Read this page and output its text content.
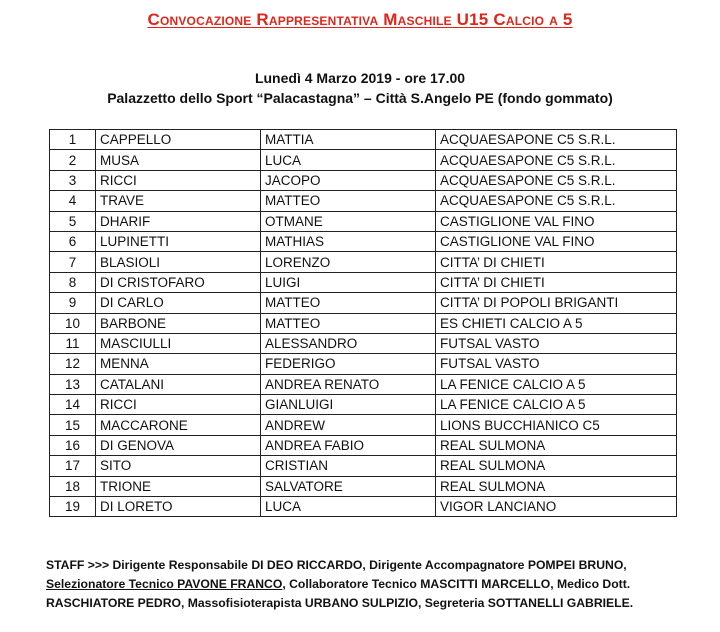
Convocazione Rappresentativa Maschile U15 Calcio a 5
Lunedì 4 Marzo 2019 - ore 17.00
Palazzetto dello Sport “Palacastagna” – Città S.Angelo PE (fondo gommato)
1	CAPPELLO	MATTIA	ACQUAESAPONE C5 S.R.L.
2	MUSA	LUCA	ACQUAESAPONE C5 S.R.L.
3	RICCI	JACOPO	ACQUAESAPONE C5 S.R.L.
4	TRAVE	MATTEO	ACQUAESAPONE C5 S.R.L.
5	DHARIF	OTMANE	CASTIGLIONE VAL FINO
6	LUPINETTI	MATHIAS	CASTIGLIONE VAL FINO
7	BLASIOLI	LORENZO	CITTA’ DI CHIETI
8	DI CRISTOFARO	LUIGI	CITTA’ DI CHIETI
9	DI CARLO	MATTEO	CITTA’ DI POPOLI BRIGANTI
10	BARBONE	MATTEO	ES CHIETI CALCIO A 5
11	MASCIULLI	ALESSANDRO	FUTSAL VASTO
12	MENNA	FEDERIGO	FUTSAL VASTO
13	CATALANI	ANDREA RENATO	LA FENICE CALCIO A 5
14	RICCI	GIANLUIGI	LA FENICE CALCIO A 5
15	MACCARONE	ANDREW	LIONS BUCCHIANICO C5
16	DI GENOVA	ANDREA FABIO	REAL SULMONA
17	SITO	CRISTIAN	REAL SULMONA
18	TRIONE	SALVATORE	REAL SULMONA
19	DI LORETO	LUCA	VIGOR LANCIANO
STAFF >>> Dirigente Responsabile DI DEO RICCARDO, Dirigente Accompagnatore POMPEI BRUNO,
Selezionatore Tecnico PAVONE FRANCO, Collaboratore Tecnico MASCITTI MARCELLO, Medico Dott.
RASCHIATORE PEDRO, Massofisioterapista URBANO SULPIZIO, Segreteria SOTTANELLI GABRIELE.
